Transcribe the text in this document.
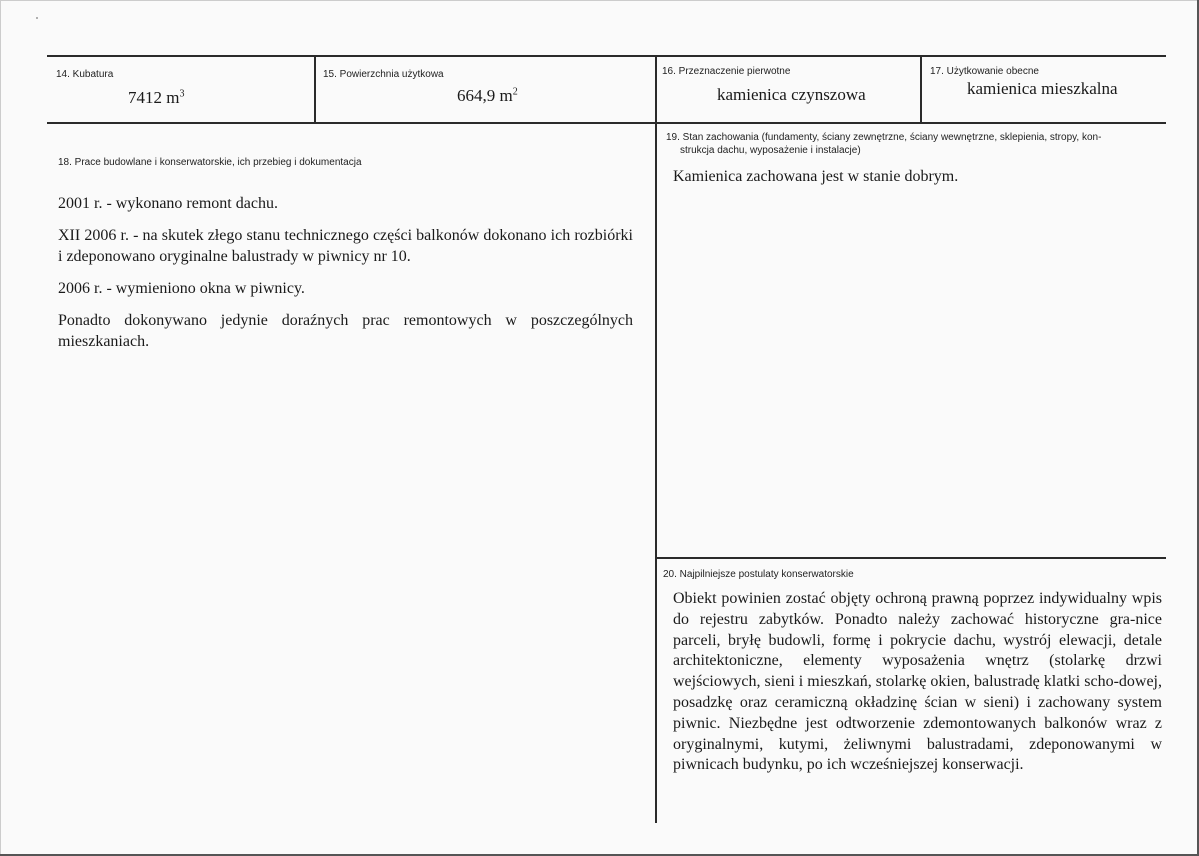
14. Kubatura
7412 $m^3$
15. Powierzchnia użytkowa
664,9 $m^2$
16. Przeznaczenie pierwotne
kamienica czynszowa
17. Użytkowanie obecne
kamienica mieszkalna
18. Prace budowlane i konserwatorskie, ich przebieg i dokumentacja

2001 r. - wykonano remont dachu.

XII 2006 r. - na skutek złego stanu technicznego części balkonów dokonano ich rozbiórki i zdeponowano oryginalne balustrady w piwnicy nr 10.

2006 r. - wymieniono okna w piwnicy.

Ponadto dokonywano jedynie doraźnych prac remontowych w poszczególnych mieszkaniach.

19. Stan zachowania (fundamenty, ściany zewnętrzne, ściany wewnętrzne, sklepienia, stropy, kon-
strukcja dachu, wyposażenie i instalacje)
Kamienica zachowana jest w stanie dobrym.
20. Najpilniejsze postulaty konserwatorskie
Obiekt powinien zostać objęty ochroną prawną poprzez indywidualny wpis do rejestru zabytków. Ponadto należy zachować historyczne gra-nice parceli, bryłę budowli, formę i pokrycie dachu, wystrój elewacji, detale architektoniczne, elementy wyposażenia wnętrz (stolarkę drzwi wejściowych, sieni i mieszkań, stolarkę okien, balustradę klatki scho-dowej, posadzkę oraz ceramiczną okładzinę ścian w sieni) i zachowany system piwnic. Niezbędne jest odtworzenie zdemontowanych balkonów wraz z oryginalnymi, kutymi, żeliwnymi balustradami, zdeponowanymi w piwnicach budynku, po ich wcześniejszej konserwacji.
